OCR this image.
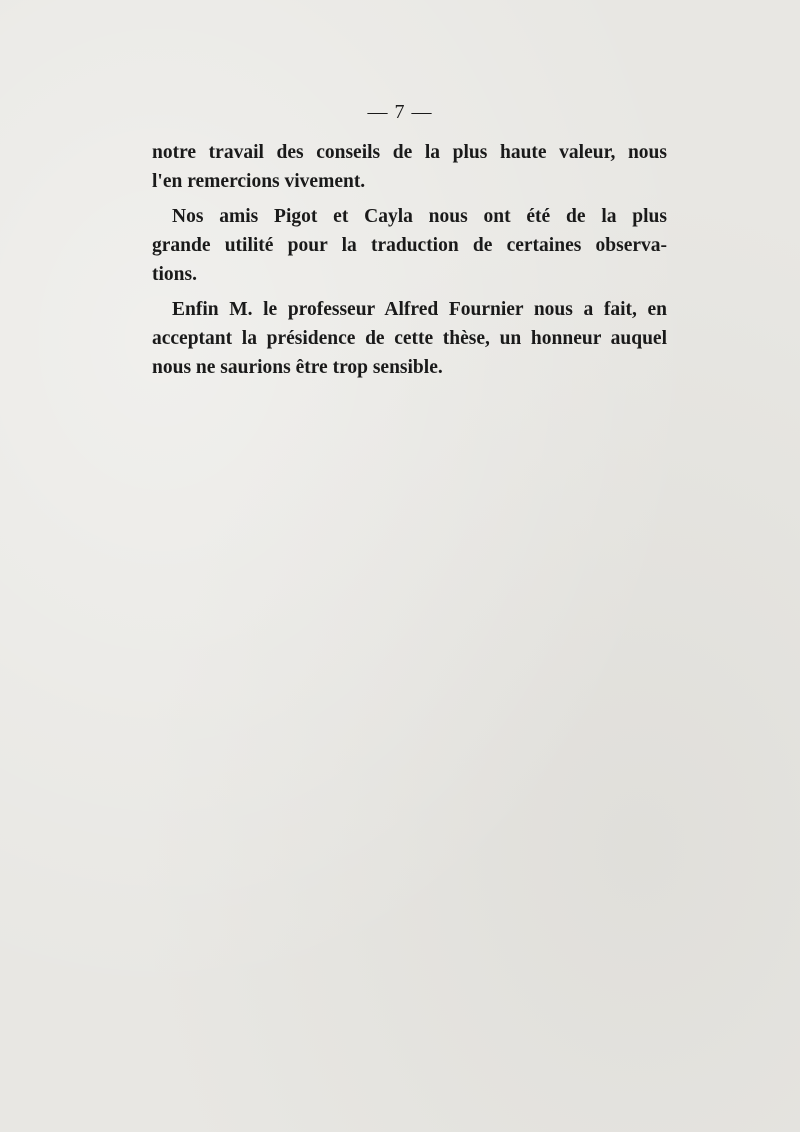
— 7 —

notre travail des conseils de la plus haute valeur, nous
l'en remercions vivement.

Nos amis Pigot et Cayla nous ont été de la plus
grande utilité pour la traduction de certaines observa-
tions.

Enfin M. le professeur Alfred Fournier nous a fait, en
acceptant la présidence de cette thèse, un honneur auquel
nous ne saurions être trop sensible.
